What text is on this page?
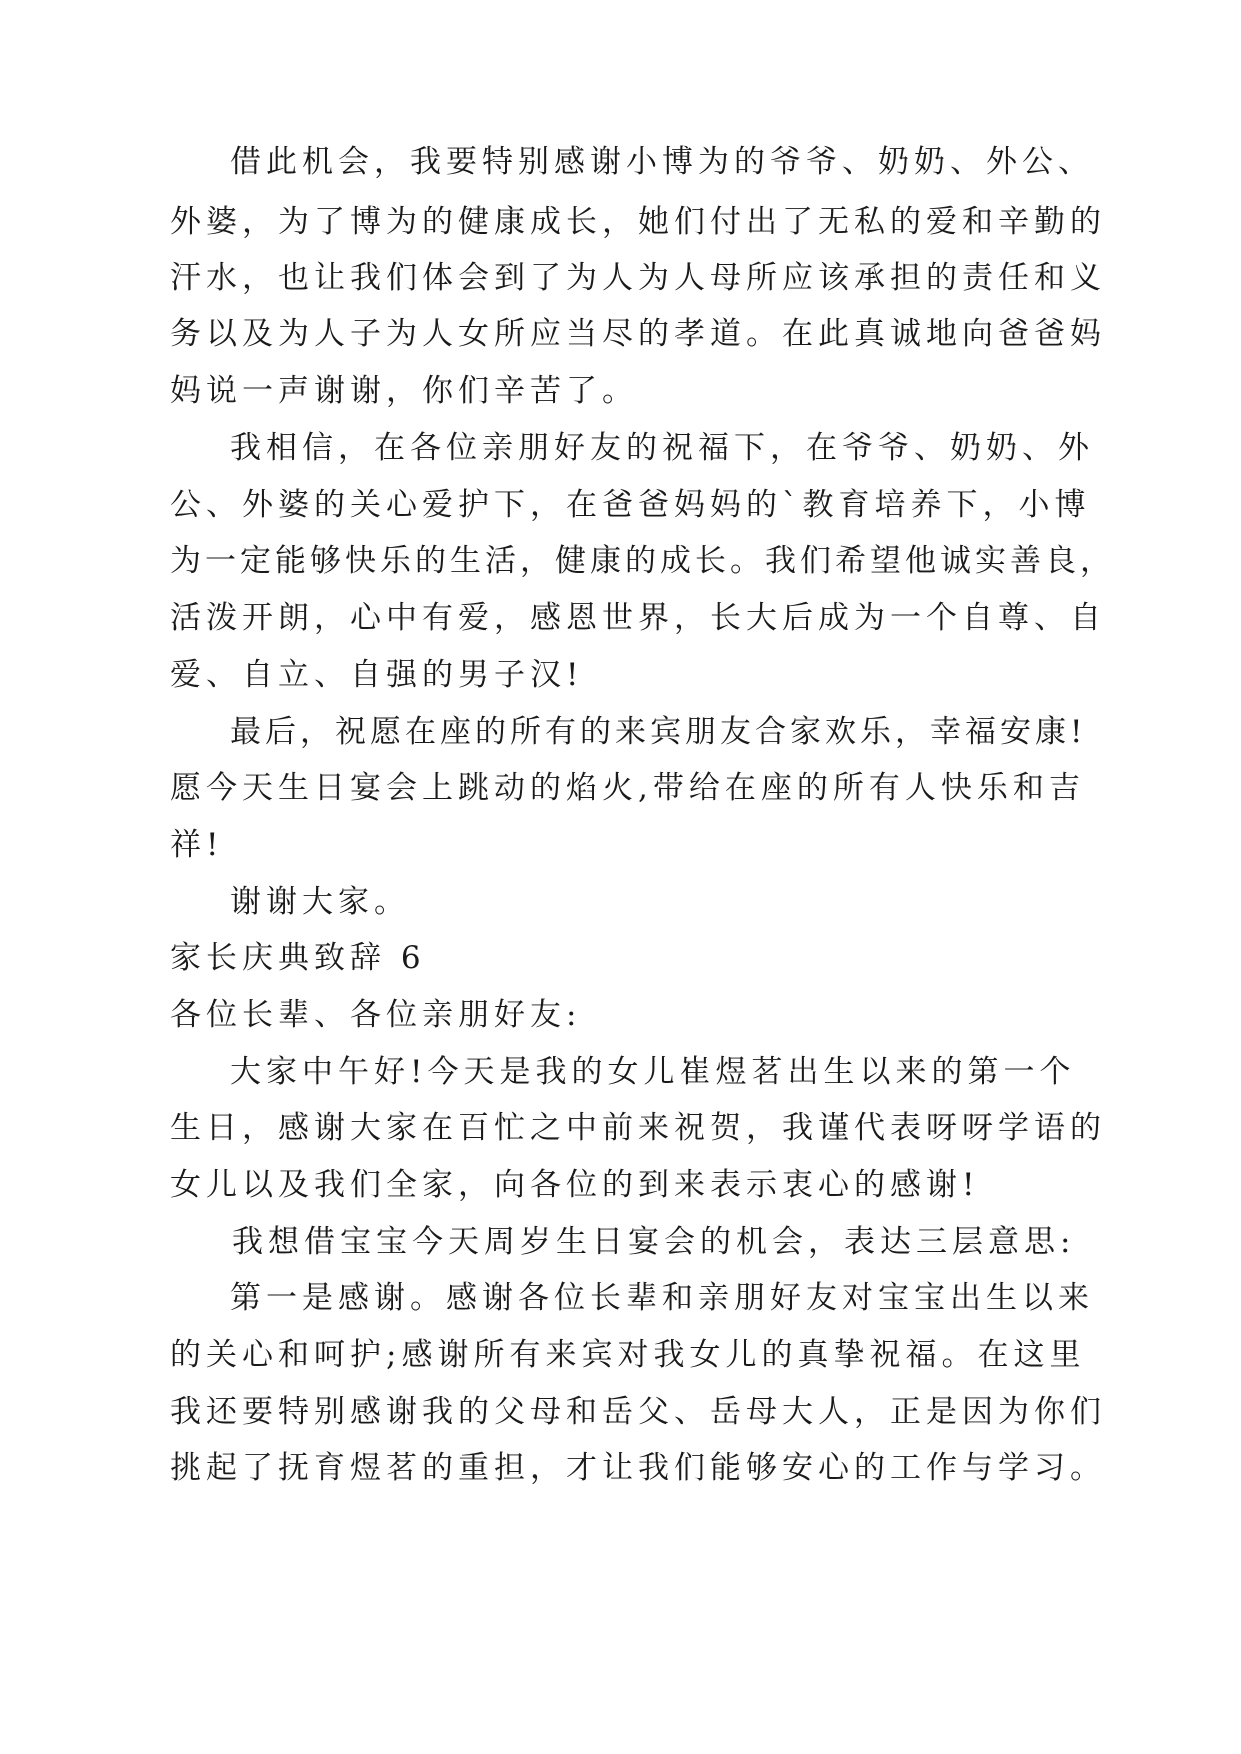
借此机会，我要特别感谢小博为的爷爷、奶奶、外公、
外婆，为了博为的健康成长，她们付出了无私的爱和辛勤的
汗水，也让我们体会到了为人为人母所应该承担的责任和义
务以及为人子为人女所应当尽的孝道。在此真诚地向爸爸妈
妈说一声谢谢，你们辛苦了。
我相信，在各位亲朋好友的祝福下，在爷爷、奶奶、外
公、外婆的关心爱护下，在爸爸妈妈的`教育培养下，小博
为一定能够快乐的生活，健康的成长。我们希望他诚实善良，
活泼开朗，心中有爱，感恩世界，长大后成为一个自尊、自
爱、自立、自强的男子汉!
最后，祝愿在座的所有的来宾朋友合家欢乐，幸福安康!
愿今天生日宴会上跳动的焰火,带给在座的所有人快乐和吉
祥!
谢谢大家。
家长庆典致辞 6
各位长辈、各位亲朋好友:
大家中午好!今天是我的女儿崔煜茗出生以来的第一个
生日，感谢大家在百忙之中前来祝贺，我谨代表呀呀学语的
女儿以及我们全家，向各位的到来表示衷心的感谢!
我想借宝宝今天周岁生日宴会的机会，表达三层意思:
第一是感谢。感谢各位长辈和亲朋好友对宝宝出生以来
的关心和呵护;感谢所有来宾对我女儿的真挚祝福。在这里
我还要特别感谢我的父母和岳父、岳母大人，正是因为你们
挑起了抚育煜茗的重担，才让我们能够安心的工作与学习。
